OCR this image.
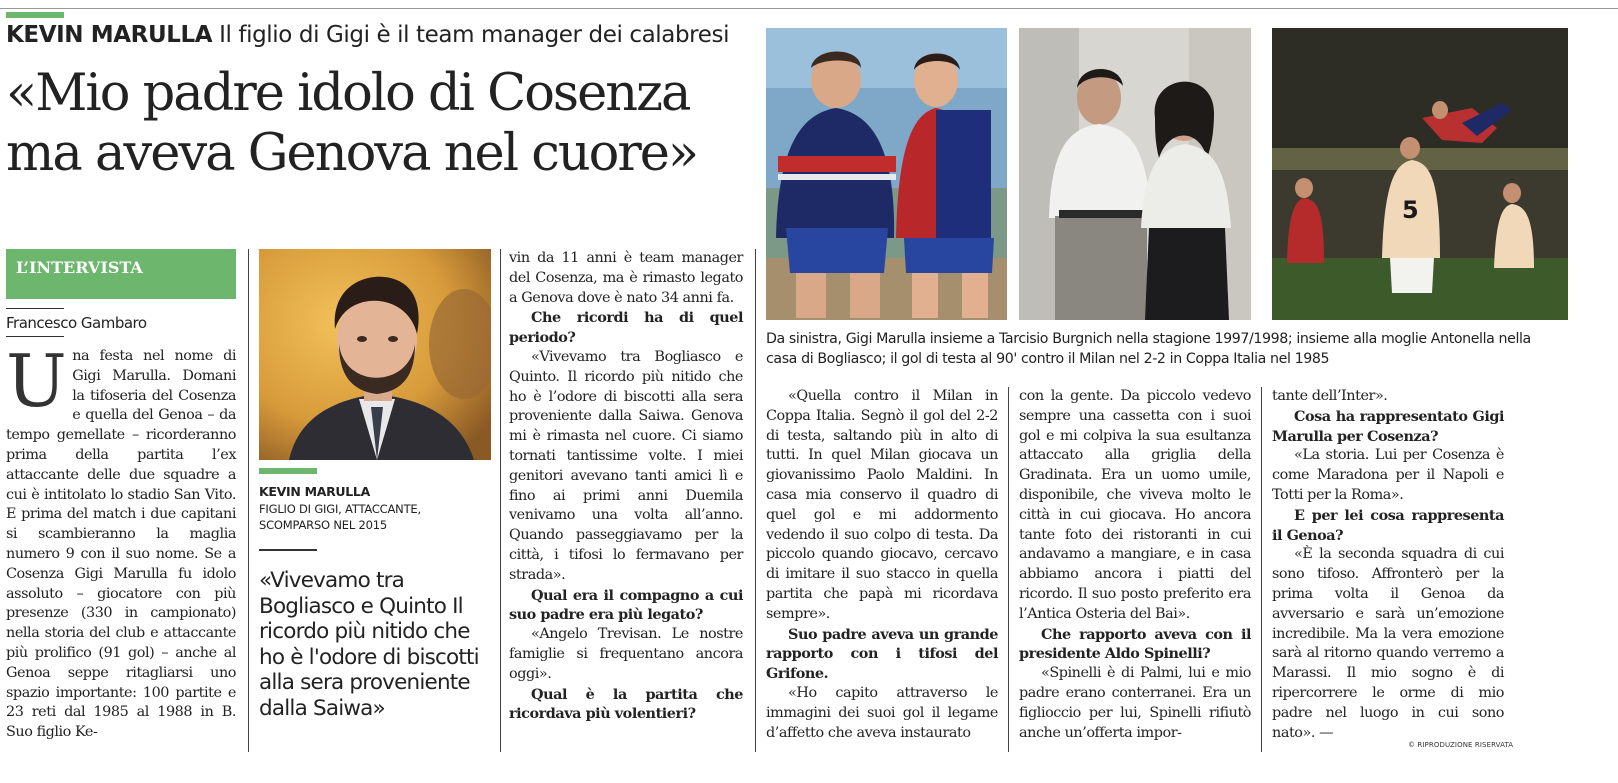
KEVIN MARULLA Il figlio di Gigi è il team manager dei calabresi
«Mio padre idolo di Cosenza
ma aveva Genova nel cuore»
L’INTERVISTA
Francesco Gambaro
Una festa nel nome di Gigi Marulla. Domani la tifoseria del Cosenza e quella del Genoa – da tempo gemellate – ricorderanno prima della partita l’ex attaccante delle due squadre a cui è intitolato lo stadio San Vito. E prima del match i due capitani si scambieranno la maglia numero 9 con il suo nome. Se a Cosenza Gigi Marulla fu idolo assoluto – giocatore con più presenze (330 in campionato) nella storia del club e attaccante più prolifico (91 gol) – anche al Genoa seppe ritagliarsi uno spazio importante: 100 partite e 23 reti dal 1985 al 1988 in B. Suo figlio Ke-
KEVIN MARULLA
FIGLIO DI GIGI, ATTACCANTE,
SCOMPARSO NEL 2015
«Vivevamo tra Bogliasco e Quinto Il ricordo più nitido che ho è l'odore di biscotti alla sera proveniente dalla Saiwa»

vin da 11 anni è team manager del Cosenza, ma è rimasto legato a Genova dove è nato 34 anni fa.

Che ricordi ha di quel periodo?

«Vivevamo tra Bogliasco e Quinto. Il ricordo più nitido che ho è l’odore di biscotti alla sera proveniente dalla Saiwa. Genova mi è rimasta nel cuore. Ci siamo tornati tantissime volte. I miei genitori avevano tanti amici lì e fino ai primi anni Duemila venivamo una volta all’anno. Quando passeggiavamo per la città, i tifosi lo fermavano per strada».

Qual era il compagno a cui suo padre era più legato?

«Angelo Trevisan. Le nostre famiglie si frequentano ancora oggi».

Qual è la partita che ricordava più volentieri?

5
Da sinistra, Gigi Marulla insieme a Tarcisio Burgnich nella stagione 1997/1998; insieme alla moglie Antonella nella casa di Bogliasco; il gol di testa al 90' contro il Milan nel 2-2 in Coppa Italia nel 1985

«Quella contro il Milan in Coppa Italia. Segnò il gol del 2-2 di testa, saltando più in alto di tutti. In quel Milan giocava un giovanissimo Paolo Maldini. In casa mia conservo il quadro di quel gol e mi addormento vedendo il suo colpo di testa. Da piccolo quando giocavo, cercavo di imitare il suo stacco in quella partita che papà mi ricordava sempre».

Suo padre aveva un grande rapporto con i tifosi del Grifone.

«Ho capito attraverso le immagini dei suoi gol il legame d’affetto che aveva instaurato

con la gente. Da piccolo vedevo sempre una cassetta con i suoi gol e mi colpiva la sua esultanza attaccato alla griglia della Gradinata. Era un uomo umile, disponibile, che viveva molto le città in cui giocava. Ho ancora tante foto dei ristoranti in cui andavamo a mangiare, e in casa abbiamo ancora i piatti del ricordo. Il suo posto preferito era l’Antica Osteria del Bai».

Che rapporto aveva con il presidente Aldo Spinelli?

«Spinelli è di Palmi, lui e mio padre erano conterranei. Era un figlioccio per lui, Spinelli rifiutò anche un’offerta impor-

tante dell’Inter».

Cosa ha rappresentato Gigi Marulla per Cosenza?

«La storia. Lui per Cosenza è come Maradona per il Napoli e Totti per la Roma».

E per lei cosa rappresenta il Genoa?

«È la seconda squadra di cui sono tifoso. Affronterò per la prima volta il Genoa da avversario e sarà un’emozione incredibile. Ma la vera emozione sarà al ritorno quando verremo a Marassi. Il mio sogno è di ripercorrere le orme di mio padre nel luogo in cui sono nato». —

© RIPRODUZIONE RISERVATA
